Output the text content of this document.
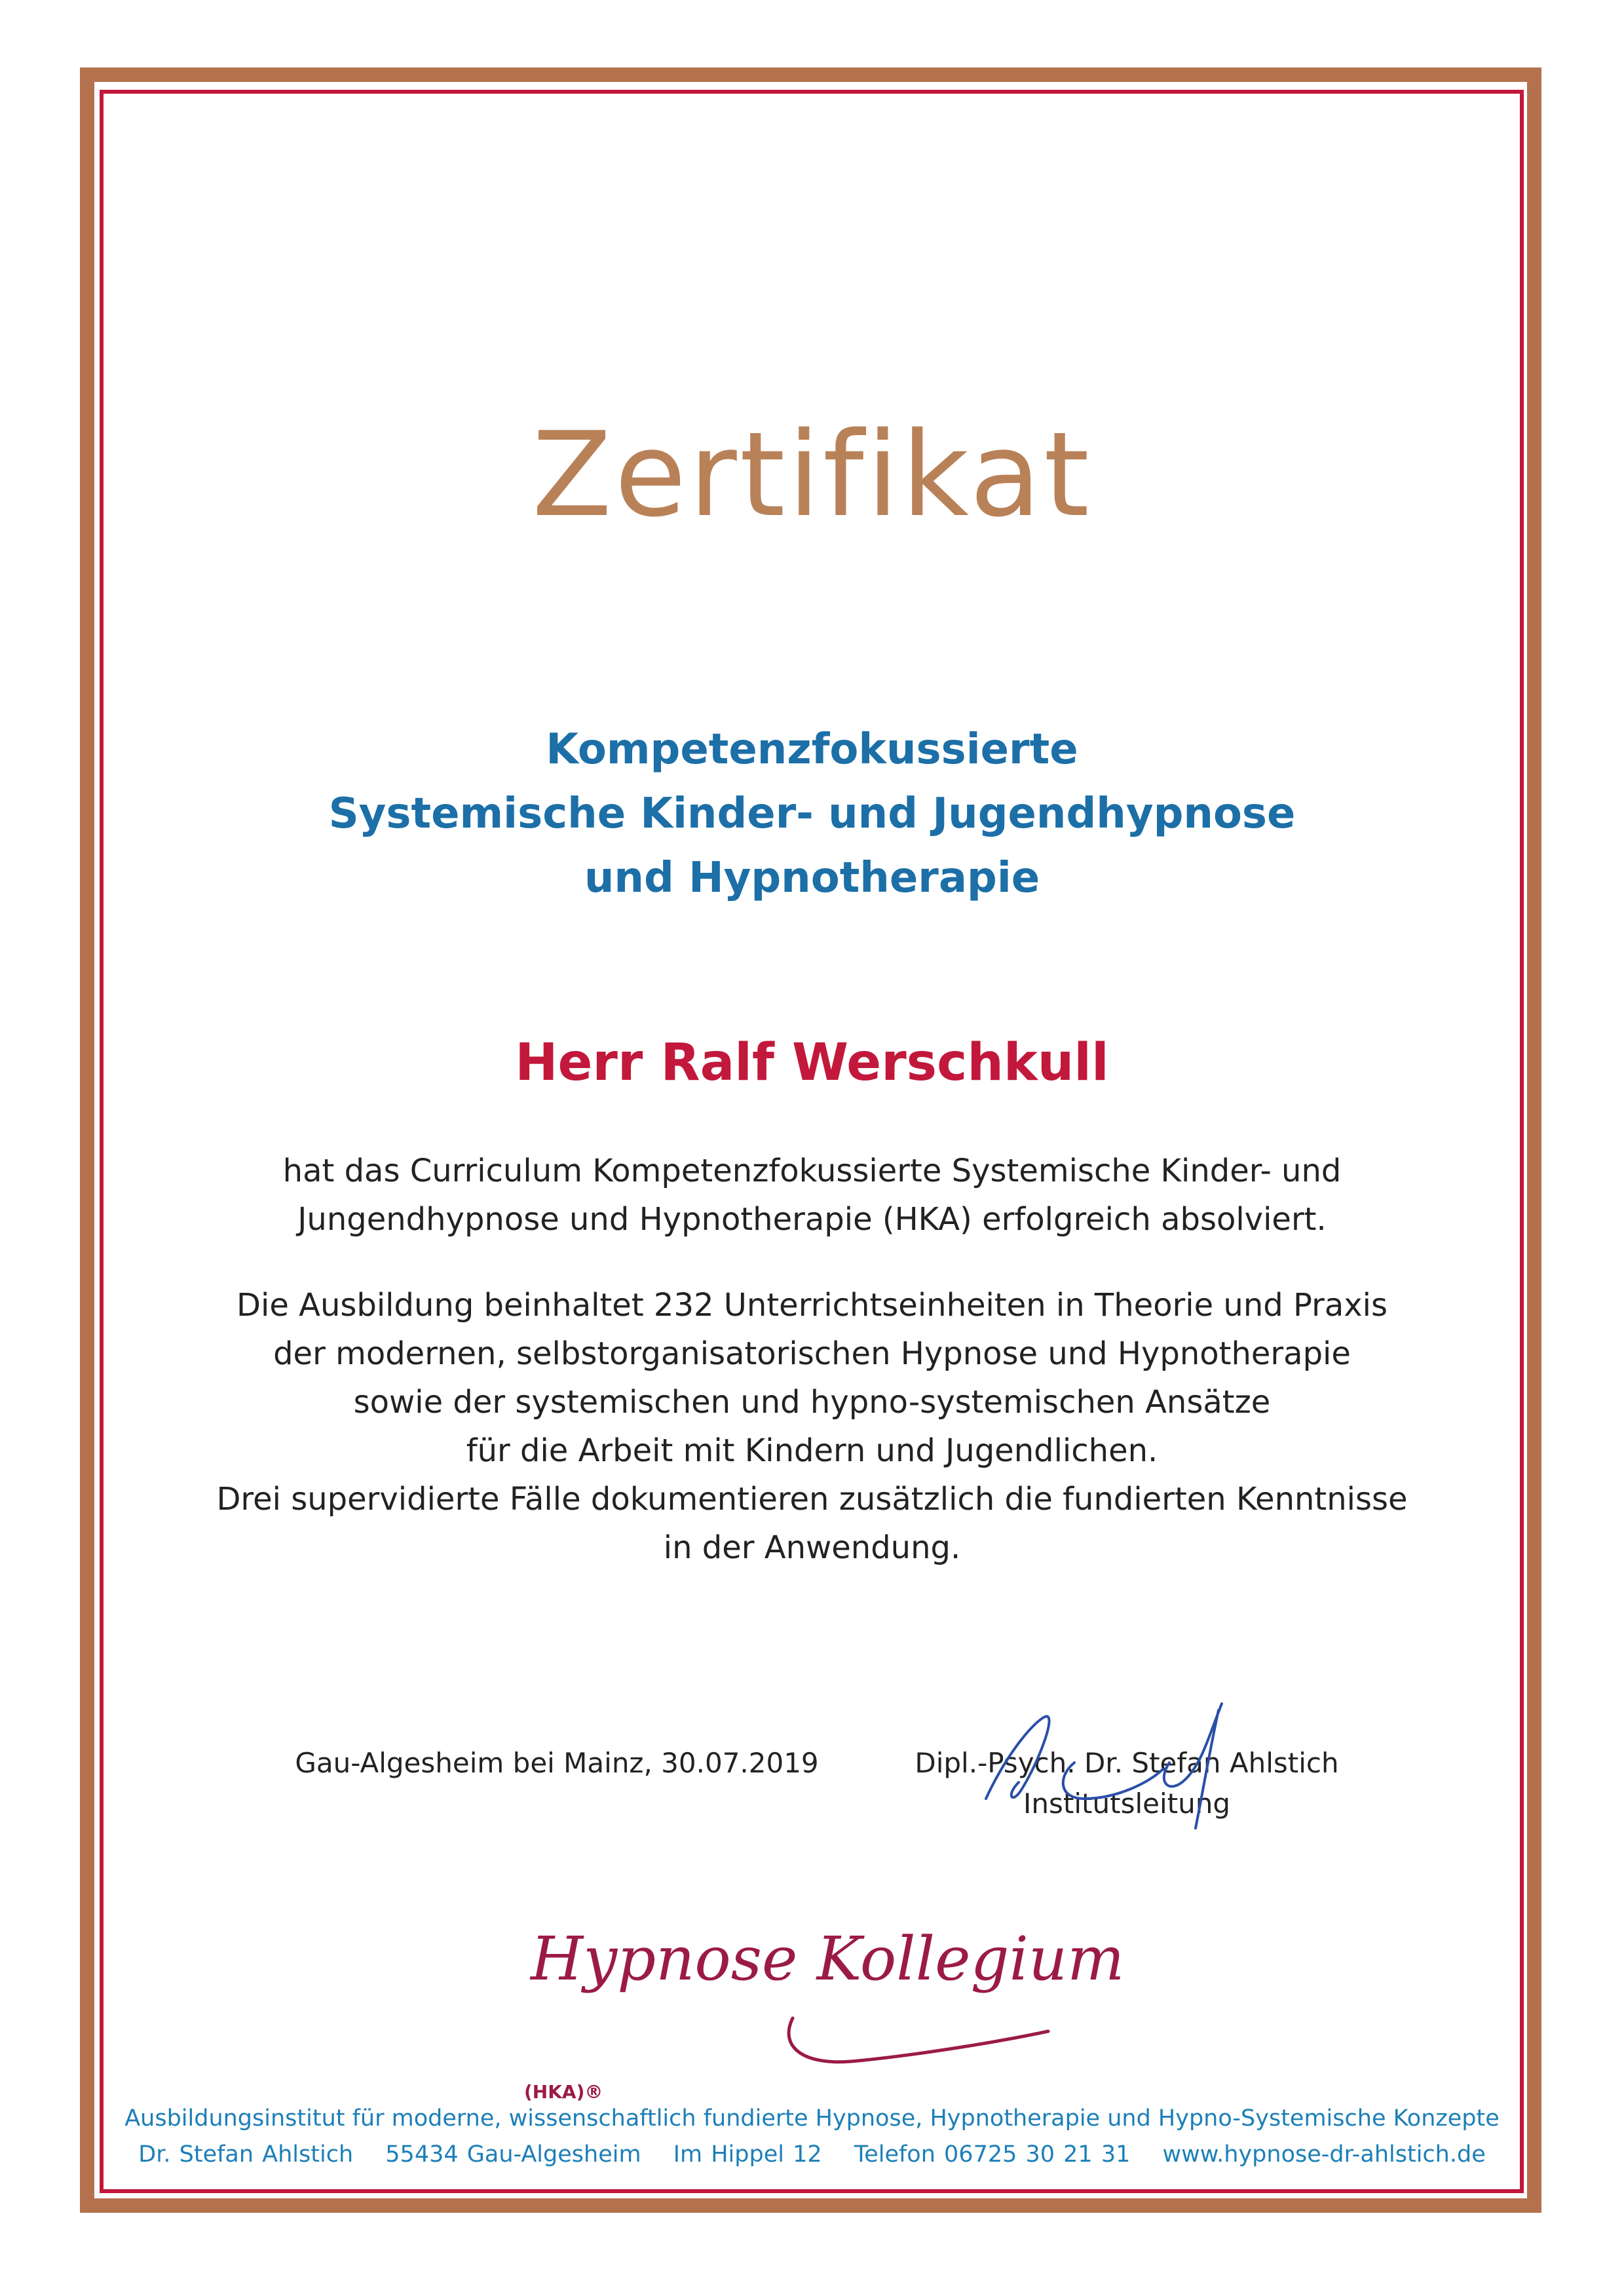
Zertifikat
Kompetenzfokussierte
Systemische Kinder- und Jugendhypnose
und Hypnotherapie
Herr Ralf Werschkull
hat das Curriculum Kompetenzfokussierte Systemische Kinder- und
Jungendhypnose und Hypnotherapie (HKA) erfolgreich absolviert.
Die Ausbildung beinhaltet 232 Unterrichtseinheiten in Theorie und Praxis
der modernen, selbstorganisatorischen Hypnose und Hypnotherapie
sowie der systemischen und hypno-systemischen Ansätze
für die Arbeit mit Kindern und Jugendlichen.
Drei supervidierte Fälle dokumentieren zusätzlich die fundierten Kenntnisse
in der Anwendung.
Gau-Algesheim bei Mainz, 30.07.2019	Dipl.-Psych. Dr. Stefan Ahlstich
Institutsleitung
Hypnose Kollegium
(HKA)®
Ausbildungsinstitut für moderne, wissenschaftlich fundierte Hypnose, Hypnotherapie und Hypno-Systemische Konzepte
Dr. Stefan Ahlstich 55434 Gau-Algesheim Im Hippel 12 Telefon 06725 30 21 31 www.hypnose-dr-ahlstich.de
